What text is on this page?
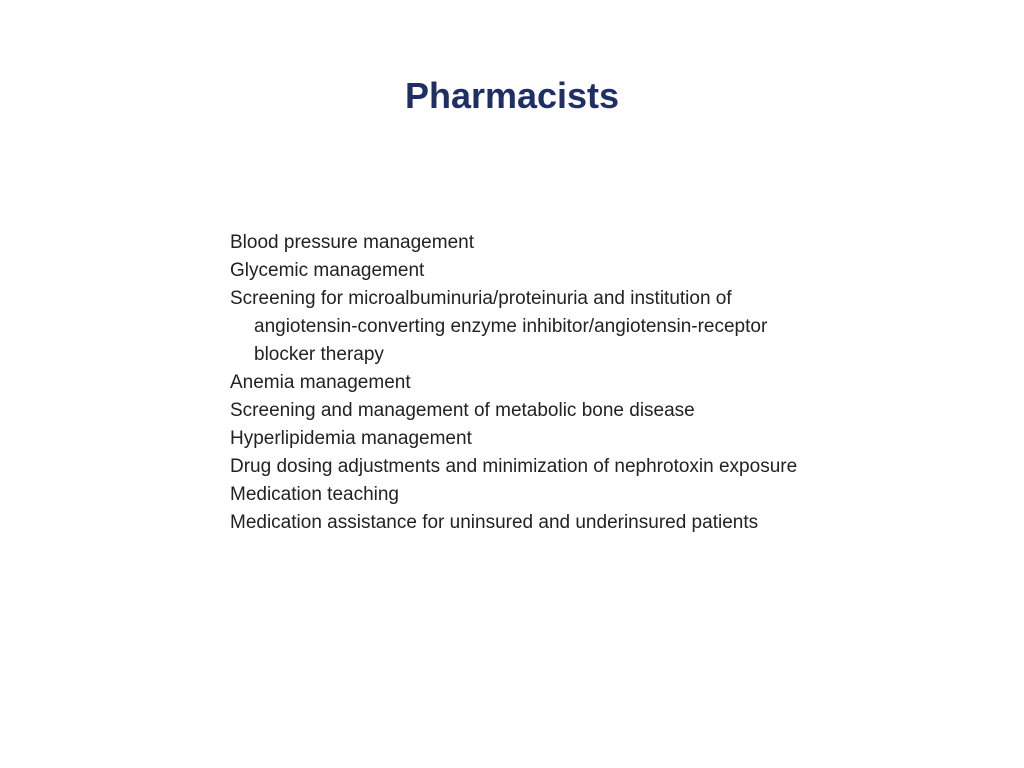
Pharmacists
Blood pressure management
Glycemic management
Screening for microalbuminuria/proteinuria and institution of angiotensin-converting enzyme inhibitor/angiotensin-receptor blocker therapy
Anemia management
Screening and management of metabolic bone disease
Hyperlipidemia management
Drug dosing adjustments and minimization of nephrotoxin exposure
Medication teaching
Medication assistance for uninsured and underinsured patients
